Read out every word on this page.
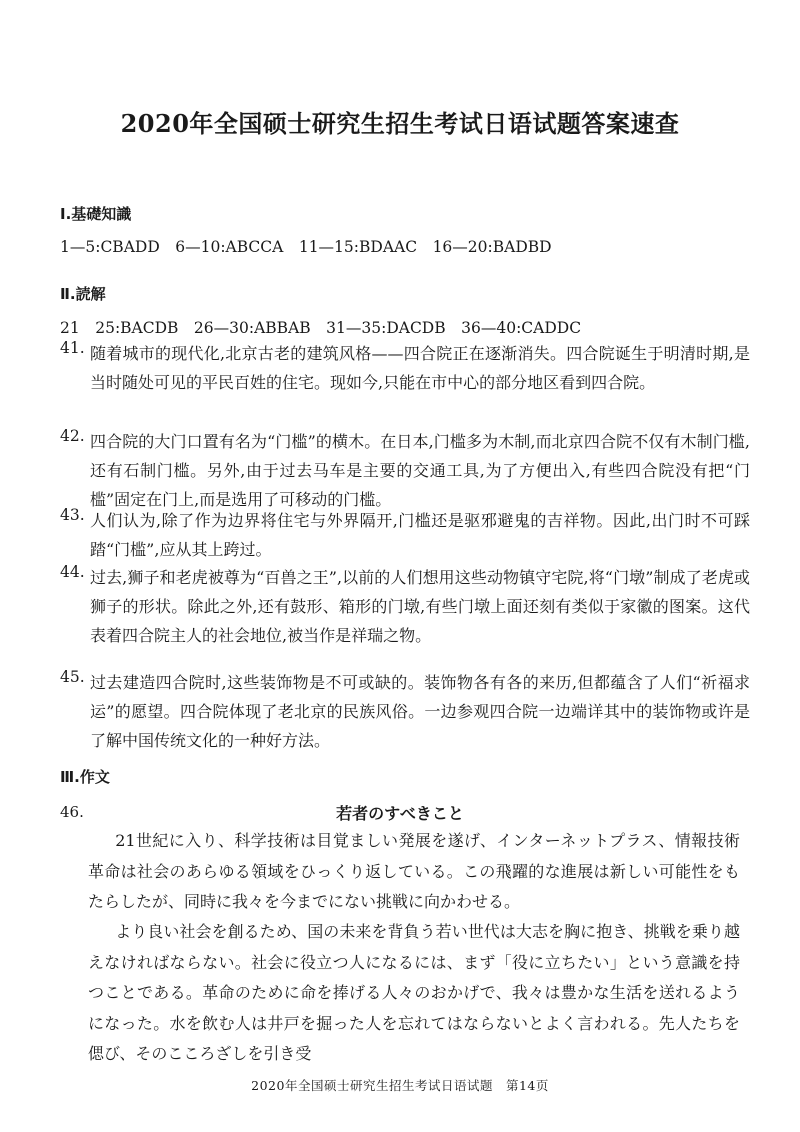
2020年全国硕士研究生招生考试日语试题答案速查
Ⅰ.基礎知識
1—5:CBADD　6—10:ABCCA　11—15:BDAAC　16—20:BADBD
Ⅱ.読解
21　25:BACDB　26—30:ABBAB　31—35:DACDB　36—40:CADDC
41. 随着城市的现代化,北京古老的建筑风格——四合院正在逐渐消失。四合院诞生于明清时期,是当时随处可见的平民百姓的住宅。现如今,只能在市中心的部分地区看到四合院。
42. 四合院的大门口置有名为“门槛”的横木。在日本,门槛多为木制,而北京四合院不仅有木制门槛,还有石制门槛。另外,由于过去马车是主要的交通工具,为了方便出入,有些四合院没有把“门槛”固定在门上,而是选用了可移动的门槛。
43. 人们认为,除了作为边界将住宅与外界隔开,门槛还是驱邪避鬼的吉祥物。因此,出门时不可踩踏“门槛”,应从其上跨过。
44. 过去,狮子和老虎被尊为“百兽之王”,以前的人们想用这些动物镇守宅院,将“门墩”制成了老虎或狮子的形状。除此之外,还有鼓形、箱形的门墩,有些门墩上面还刻有类似于家徽的图案。这代表着四合院主人的社会地位,被当作是祥瑞之物。
45. 过去建造四合院时,这些装饰物是不可或缺的。装饰物各有各的来历,但都蕴含了人们“祈福求运”的愿望。四合院体现了老北京的民族风俗。一边参观四合院一边端详其中的装饰物或许是了解中国传统文化的一种好方法。
Ⅲ.作文
46.	若者のすべきこと
21世紀に入り、科学技術は目覚ましい発展を遂げ、インターネットプラス、情報技術革命は社会のあらゆる領域をひっくり返している。この飛躍的な進展は新しい可能性をもたらしたが、同時に我々を今までにない挑戦に向かわせる。
より良い社会を創るため、国の未来を背負う若い世代は大志を胸に抱き、挑戦を乗り越えなければならない。社会に役立つ人になるには、まず「役に立ちたい」という意識を持つことである。革命のために命を捧げる人々のおかげで、我々は豊かな生活を送れるようになった。水を飲む人は井戸を掘った人を忘れてはならないとよく言われる。先人たちを偲び、そのこころざしを引き受
2020年全国硕士研究生招生考试日语试题　第14页
